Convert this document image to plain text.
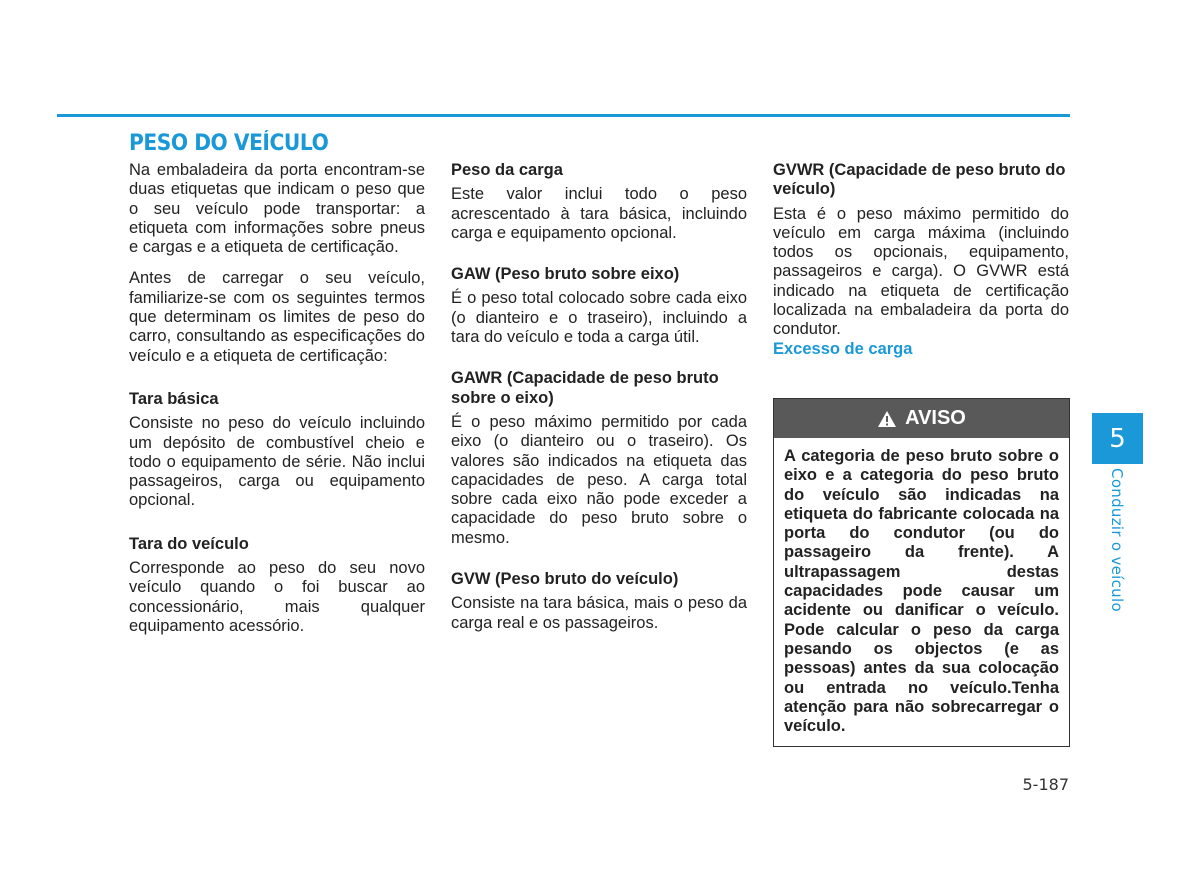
PESO DO VEÍCULO

Na embaladeira da porta encontram-se duas etiquetas que indicam o peso que o seu veículo pode transportar: a etiqueta com informações sobre pneus e cargas e a etiqueta de certificação.

Antes de carregar o seu veículo, familiarize-se com os seguintes termos que determinam os limites de peso do carro, consultando as especificações do veículo e a etiqueta de certificação:

Tara básica

Consiste no peso do veículo incluindo um depósito de combustível cheio e todo o equipamento de série. Não inclui passageiros, carga ou equipamento opcional.

Tara do veículo

Corresponde ao peso do seu novo veículo quando o foi buscar ao concessionário, mais qualquer equipamento acessório.

Peso da carga

Este valor inclui todo o peso acrescentado à tara básica, incluindo carga e equipamento opcional.

GAW (Peso bruto sobre eixo)

É o peso total colocado sobre cada eixo (o dianteiro e o traseiro), incluindo a tara do veículo e toda a carga útil.

GAWR (Capacidade de peso bruto sobre o eixo)

É o peso máximo permitido por cada eixo (o dianteiro ou o traseiro). Os valores são indicados na etiqueta das capacidades de peso. A carga total sobre cada eixo não pode exceder a capacidade do peso bruto sobre o mesmo.

GVW (Peso bruto do veículo)

Consiste na tara básica, mais o peso da carga real e os passageiros.

GVWR (Capacidade de peso bruto do veículo)

Esta é o peso máximo permitido do veículo em carga máxima (incluindo todos os opcionais, equipamento, passageiros e carga). O GVWR está indicado na etiqueta de certificação localizada na embaladeira da porta do condutor.

Excesso de carga
AVISO
A categoria de peso bruto sobre o eixo e a categoria do peso bruto do veículo são indicadas na etiqueta do fabricante colocada na porta do condutor (ou do passageiro da frente). A ultrapassagem destas capacidades pode causar um acidente ou danificar o veículo. Pode calcular o peso da carga pesando os objectos (e as pessoas) antes da sua colocação ou entrada no veículo.Tenha atenção para não sobrecarregar o veículo.
5
Conduzir o veículo
5-187
